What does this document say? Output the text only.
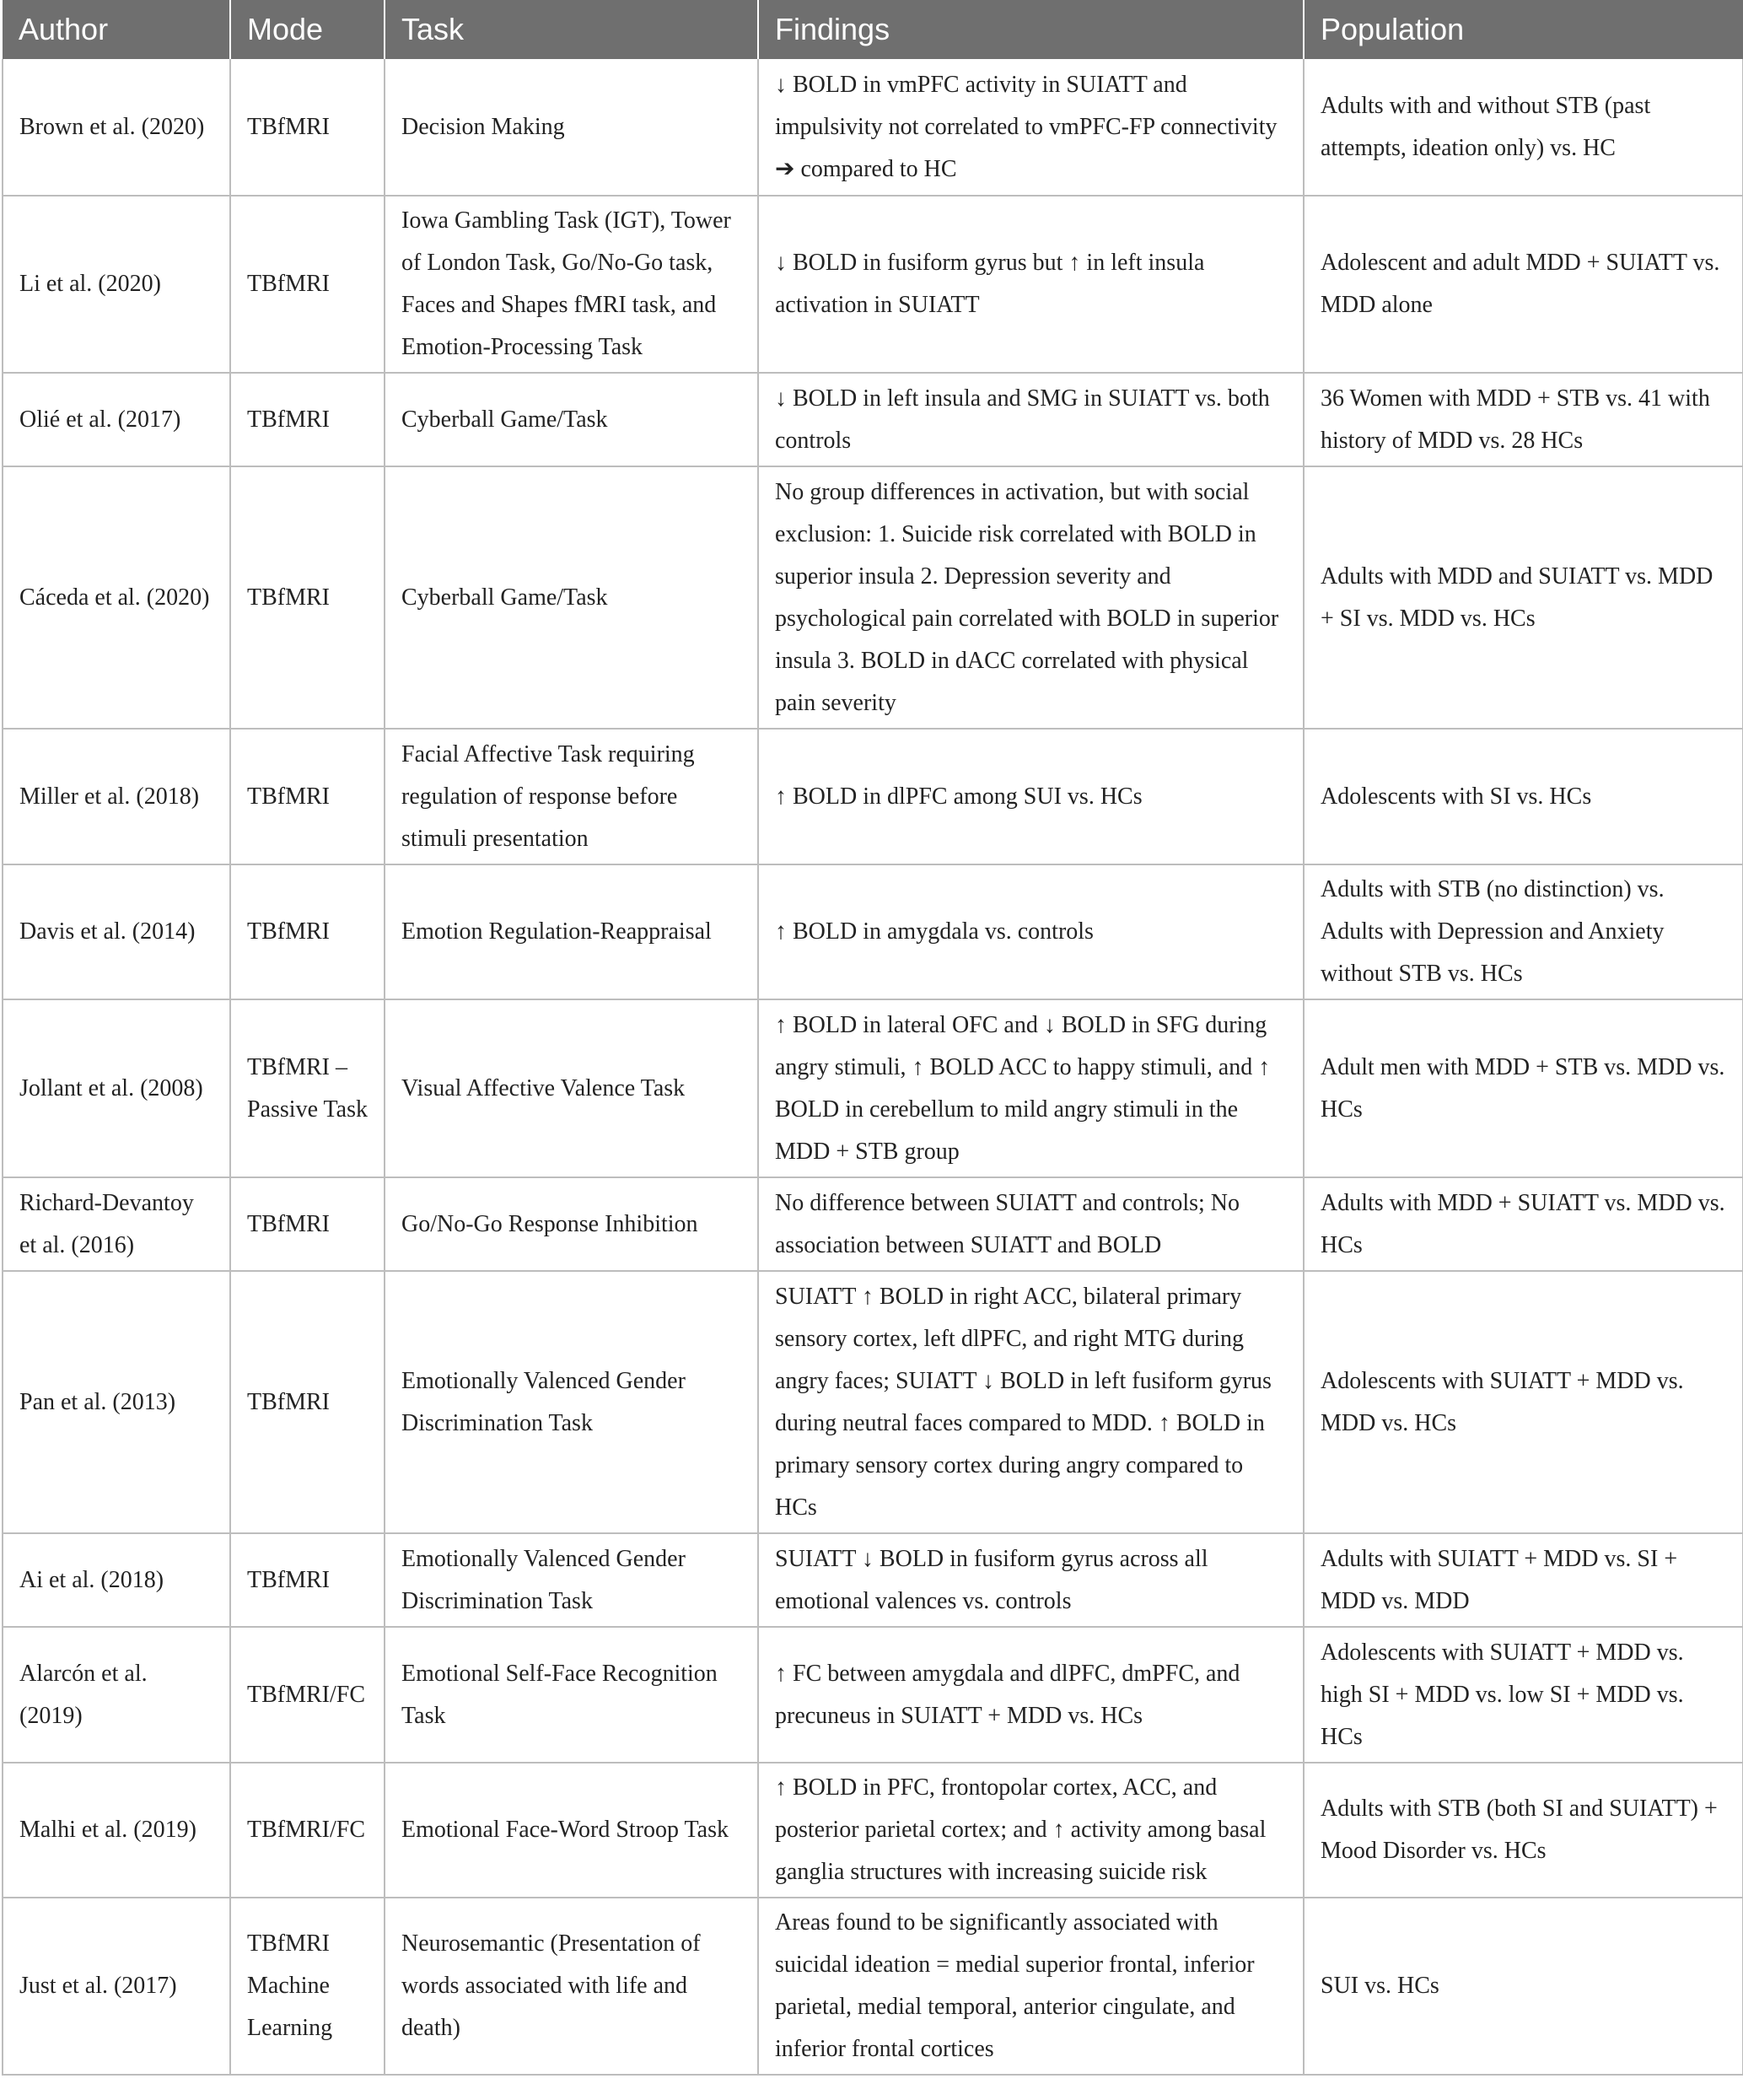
Author	Mode	Task	Findings	Population
Brown et al. (2020)	TBfMRI	Decision Making	↓ BOLD in vmPFC activity in SUIATT and impulsivity not correlated to vmPFC-FP connectivity ➔ compared to HC	Adults with and without STB (past attempts, ideation only) vs. HC
Li et al. (2020)	TBfMRI	Iowa Gambling Task (IGT), Tower of London Task, Go/No-Go task, Faces and Shapes fMRI task, and Emotion-Processing Task	↓ BOLD in fusiform gyrus but ↑ in left insula activation in SUIATT	Adolescent and adult MDD + SUIATT vs. MDD alone
Olié et al. (2017)	TBfMRI	Cyberball Game/Task	↓ BOLD in left insula and SMG in SUIATT vs. both controls	36 Women with MDD + STB vs. 41 with history of MDD vs. 28 HCs
Cáceda et al. (2020)	TBfMRI	Cyberball Game/Task	No group differences in activation, but with social exclusion: 1. Suicide risk correlated with BOLD in superior insula 2. Depression severity and psychological pain correlated with BOLD in superior insula 3. BOLD in dACC correlated with physical pain severity	Adults with MDD and SUIATT vs. MDD + SI vs. MDD vs. HCs
Miller et al. (2018)	TBfMRI	Facial Affective Task requiring regulation of response before stimuli presentation	↑ BOLD in dlPFC among SUI vs. HCs	Adolescents with SI vs. HCs
Davis et al. (2014)	TBfMRI	Emotion Regulation-Reappraisal	↑ BOLD in amygdala vs. controls	Adults with STB (no distinction) vs. Adults with Depression and Anxiety without STB vs. HCs
Jollant et al. (2008)	TBfMRI – Passive Task	Visual Affective Valence Task	↑ BOLD in lateral OFC and ↓ BOLD in SFG during angry stimuli, ↑ BOLD ACC to happy stimuli, and ↑ BOLD in cerebellum to mild angry stimuli in the MDD + STB group	Adult men with MDD + STB vs. MDD vs. HCs
Richard-Devantoy et al. (2016)	TBfMRI	Go/No-Go Response Inhibition	No difference between SUIATT and controls; No association between SUIATT and BOLD	Adults with MDD + SUIATT vs. MDD vs. HCs
Pan et al. (2013)	TBfMRI	Emotionally Valenced Gender Discrimination Task	SUIATT ↑ BOLD in right ACC, bilateral primary sensory cortex, left dlPFC, and right MTG during angry faces; SUIATT ↓ BOLD in left fusiform gyrus during neutral faces compared to MDD. ↑ BOLD in primary sensory cortex during angry compared to HCs	Adolescents with SUIATT + MDD vs. MDD vs. HCs
Ai et al. (2018)	TBfMRI	Emotionally Valenced Gender Discrimination Task	SUIATT ↓ BOLD in fusiform gyrus across all emotional valences vs. controls	Adults with SUIATT + MDD vs. SI + MDD vs. MDD
Alarcón et al. (2019)	TBfMRI/FC	Emotional Self-Face Recognition Task	↑ FC between amygdala and dlPFC, dmPFC, and precuneus in SUIATT + MDD vs. HCs	Adolescents with SUIATT + MDD vs. high SI + MDD vs. low SI + MDD vs. HCs
Malhi et al. (2019)	TBfMRI/FC	Emotional Face-Word Stroop Task	↑ BOLD in PFC, frontopolar cortex, ACC, and posterior parietal cortex; and ↑ activity among basal ganglia structures with increasing suicide risk	Adults with STB (both SI and SUIATT) + Mood Disorder vs. HCs
Just et al. (2017)	TBfMRI Machine Learning	Neurosemantic (Presentation of words associated with life and death)	Areas found to be significantly associated with suicidal ideation = medial superior frontal, inferior parietal, medial temporal, anterior cingulate, and inferior frontal cortices	SUI vs. HCs
